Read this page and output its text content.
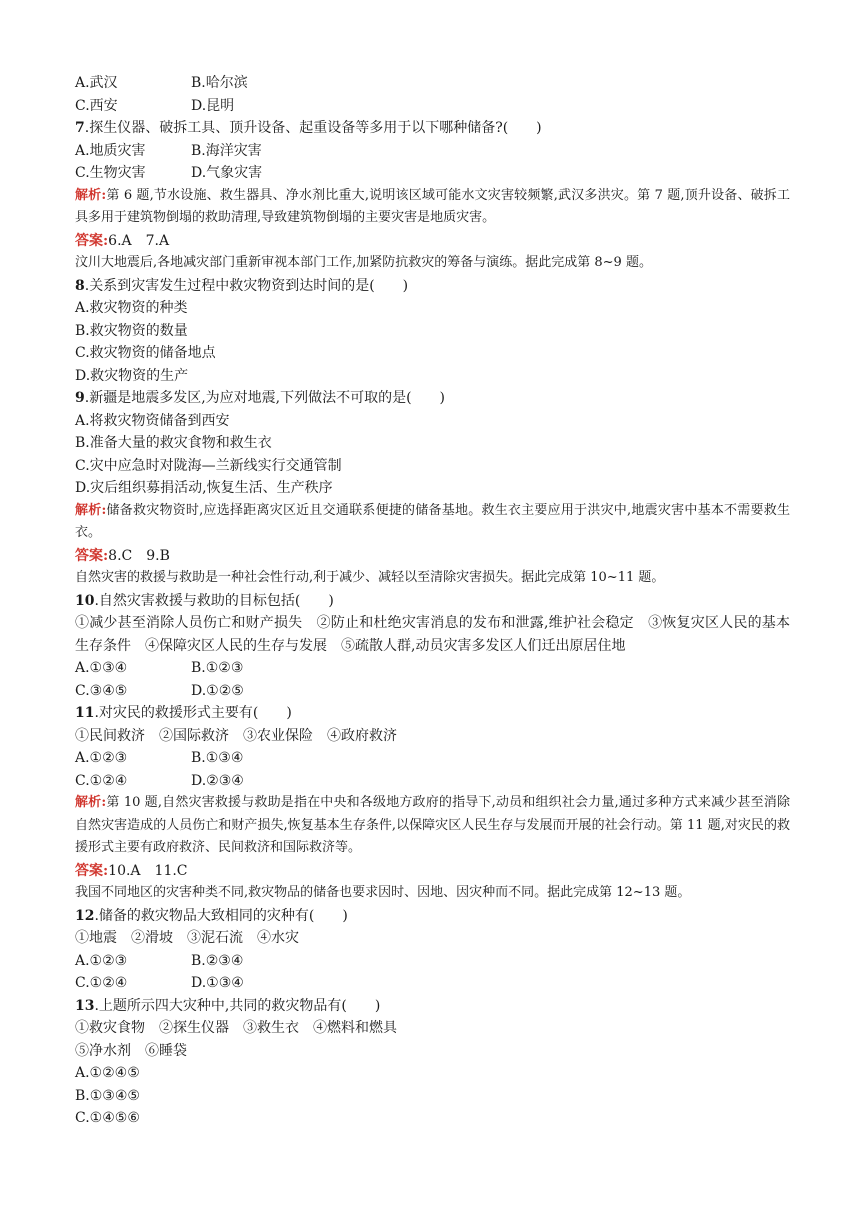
A.武汉	B.哈尔滨
C.西安	D.昆明
7.探生仪器、破拆工具、顶升设备、起重设备等多用于以下哪种储备?(　　)
A.地质灾害	B.海洋灾害
C.生物灾害	D.气象灾害
解析:第 6 题,节水设施、救生器具、净水剂比重大,说明该区域可能水文灾害较频繁,武汉多洪灾。第 7 题,顶升设备、破拆工具多用于建筑物倒塌的救助清理,导致建筑物倒塌的主要灾害是地质灾害。
答案:6.A　7.A
汶川大地震后,各地减灾部门重新审视本部门工作,加紧防抗救灾的筹备与演练。据此完成第 8~9 题。
8.关系到灾害发生过程中救灾物资到达时间的是(　　)
A.救灾物资的种类
B.救灾物资的数量
C.救灾物资的储备地点
D.救灾物资的生产
9.新疆是地震多发区,为应对地震,下列做法不可取的是(　　)
A.将救灾物资储备到西安
B.准备大量的救灾食物和救生衣
C.灾中应急时对陇海—兰新线实行交通管制
D.灾后组织募捐活动,恢复生活、生产秩序
解析:储备救灾物资时,应选择距离灾区近且交通联系便捷的储备基地。救生衣主要应用于洪灾中,地震灾害中基本不需要救生衣。
答案:8.C　9.B
自然灾害的救援与救助是一种社会性行动,利于减少、减轻以至清除灾害损失。据此完成第 10~11 题。
10.自然灾害救援与救助的目标包括(　　)
①减少甚至消除人员伤亡和财产损失　②防止和杜绝灾害消息的发布和泄露,维护社会稳定　③恢复灾区人民的基本生存条件　④保障灾区人民的生存与发展　⑤疏散人群,动员灾害多发区人们迁出原居住地
A.①③④	B.①②③
C.③④⑤	D.①②⑤
11.对灾民的救援形式主要有(　　)
①民间救济　②国际救济　③农业保险　④政府救济
A.①②③	B.①③④
C.①②④	D.②③④
解析:第 10 题,自然灾害救援与救助是指在中央和各级地方政府的指导下,动员和组织社会力量,通过多种方式来减少甚至消除自然灾害造成的人员伤亡和财产损失,恢复基本生存条件,以保障灾区人民生存与发展而开展的社会行动。第 11 题,对灾民的救援形式主要有政府救济、民间救济和国际救济等。
答案:10.A　11.C
我国不同地区的灾害种类不同,救灾物品的储备也要求因时、因地、因灾种而不同。据此完成第 12~13 题。
12.储备的救灾物品大致相同的灾种有(　　)
①地震　②滑坡　③泥石流　④水灾
A.①②③	B.②③④
C.①②④	D.①③④
13.上题所示四大灾种中,共同的救灾物品有(　　)
①救灾食物　②探生仪器　③救生衣　④燃料和燃具
⑤净水剂　⑥睡袋
A.①②④⑤
B.①③④⑤
C.①④⑤⑥
